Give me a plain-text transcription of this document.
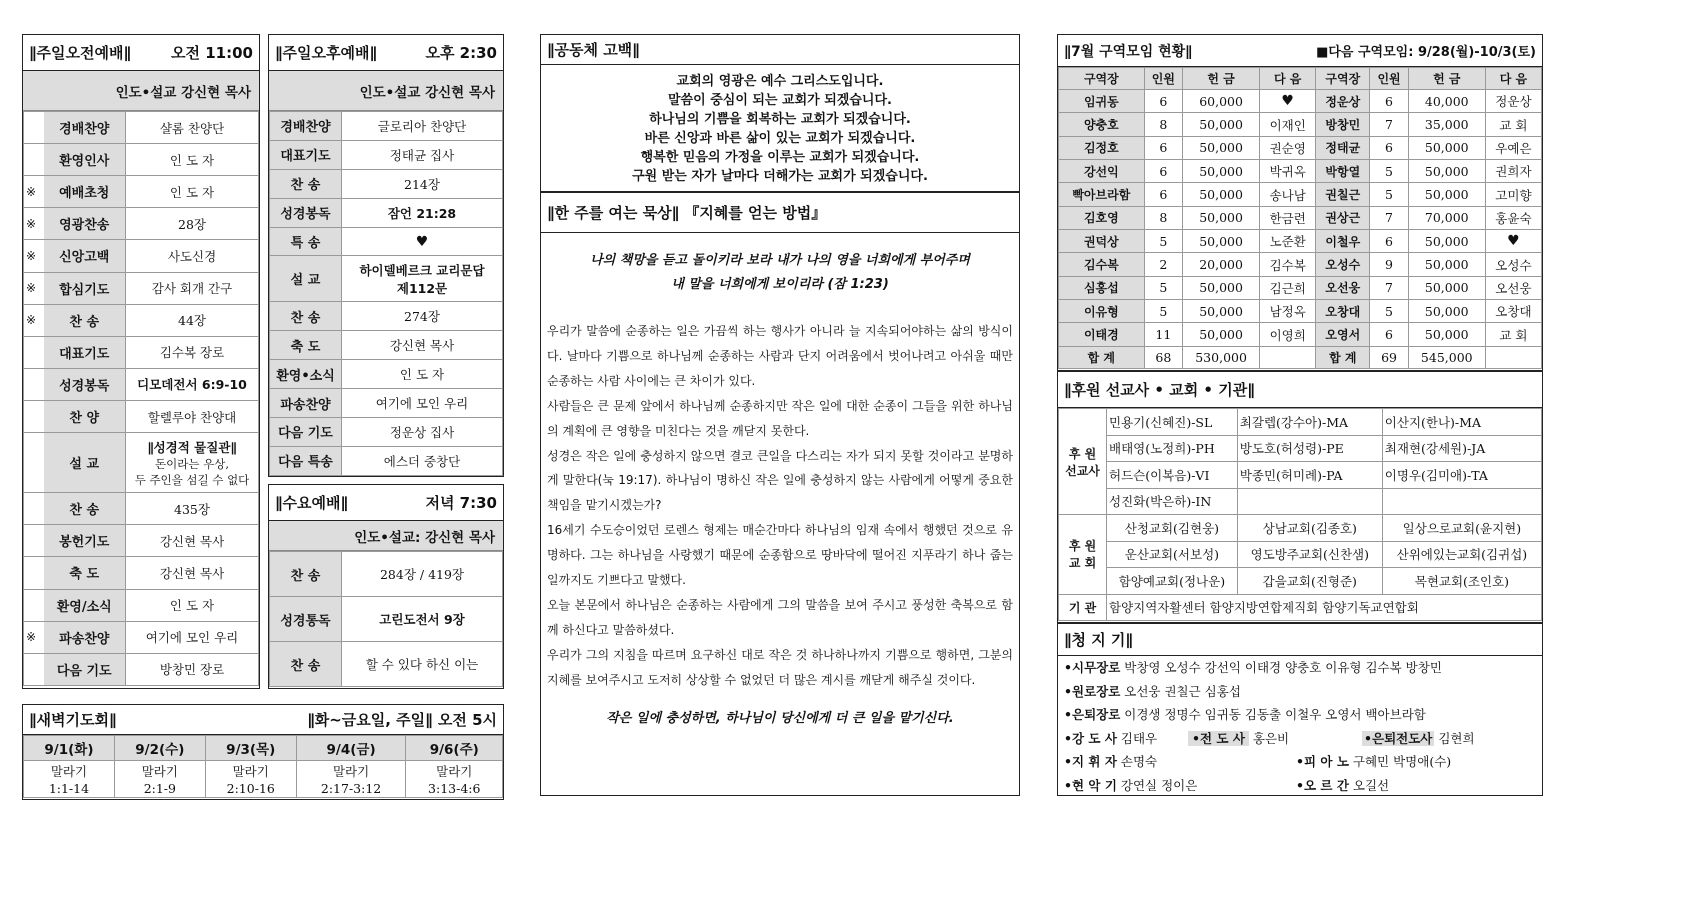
∥주일오전예배∥	오전 11:00
인도•설교 강신현 목사
	경배찬양	샬롬 찬양단
	환영인사	인 도 자
※	예배초청	인 도 자
※	영광찬송	28장
※	신앙고백	사도신경
※	합심기도	감사 회개 간구
※	찬 송	44장
	대표기도	김수복 장로
	성경봉독	디모데전서 6:9-10
	찬 양	할렐루야 찬양대
	설 교	∥성경적 물질관∥
돈이라는 우상,
두 주인을 섬길 수 없다

	찬 송	435장
	봉헌기도	강신현 목사
	축 도	강신현 목사
	환영/소식	인 도 자
※	파송찬양	여기에 모인 우리
	다음 기도	방창민 장로
∥주일오후예배∥	오후 2:30
인도•설교 강신현 목사
경배찬양	글로리아 찬양단
대표기도	정태균 집사
찬 송	214장
성경봉독	잠언 21:28
특 송	♥
설 교	하이델베르크 교리문답
제112문

찬 송	274장
축 도	강신현 목사
환영•소식	인 도 자
파송찬양	여기에 모인 우리
다음 기도	정운상 집사
다음 특송	에스더 중창단
∥수요예배∥	저녁 7:30
인도•설교: 강신현 목사
찬 송	284장 / 419장
성경통독	고린도전서 9장
찬 송	할 수 있다 하신 이는
∥새벽기도회∥	∥화~금요일, 주일∥ 오전 5시
9/1(화)	9/2(수)	9/3(목)	9/4(금)	9/6(주)
말라기	말라기	말라기	말라기	말라기
1:1-14	2:1-9	2:10-16	2:17-3:12	3:13-4:6
∥공동체 고백∥
교회의 영광은 예수 그리스도입니다.
말씀이 중심이 되는 교회가 되겠습니다.
하나님의 기쁨을 회복하는 교회가 되겠습니다.
바른 신앙과 바른 삶이 있는 교회가 되겠습니다.
행복한 믿음의 가정을 이루는 교회가 되겠습니다.
구원 받는 자가 날마다 더해가는 교회가 되겠습니다.
∥한 주를 여는 묵상∥ 『지혜를 얻는 방법』

나의 책망을 듣고 돌이키라 보라 내가 나의 영을 너희에게 부어주며

내 말을 너희에게 보이리라 (잠 1:23)

우리가 말씀에 순종하는 일은 가끔씩 하는 행사가 아니라 늘 지속되어야하는 삶의 방식이다. 날마다 기쁨으로 하나님께 순종하는 사람과 단지 어려움에서 벗어나려고 아쉬울 때만 순종하는 사람 사이에는 큰 차이가 있다.

사람들은 큰 문제 앞에서 하나님께 순종하지만 작은 일에 대한 순종이 그들을 위한 하나님의 계획에 큰 영향을 미친다는 것을 깨닫지 못한다.

성경은 작은 일에 충성하지 않으면 결코 큰일을 다스리는 자가 되지 못할 것이라고 분명하게 말한다(눅 19:17). 하나님이 명하신 작은 일에 충성하지 않는 사람에게 어떻게 중요한 책임을 맡기시겠는가?

16세기 수도승이었던 로렌스 형제는 매순간마다 하나님의 임재 속에서 행했던 것으로 유명하다. 그는 하나님을 사랑했기 때문에 순종함으로 땅바닥에 떨어진 지푸라기 하나 줍는 일까지도 기쁘다고 말했다.

오늘 본문에서 하나님은 순종하는 사람에게 그의 말씀을 보여 주시고 풍성한 축복으로 함께 하신다고 말씀하셨다.

우리가 그의 지침을 따르며 요구하신 대로 작은 것 하나하나까지 기쁨으로 행하면, 그분의 지혜를 보여주시고 도저히 상상할 수 없었던 더 많은 계시를 깨닫게 해주실 것이다.

작은 일에 충성하면, 하나님이 당신에게 더 큰 일을 맡기신다.
∥7월 구역모임 현황∥	■다음 구역모임: 9/28(월)-10/3(토)
구역장	인원	헌 금	다 음	구역장	인원	헌 금	다 음
임귀동	6	60,000	♥	정운상	6	40,000	정운상
양충호	8	50,000	이재인	방창민	7	35,000	교 회
김정호	6	50,000	권순영	정태균	6	50,000	우예은
강선익	6	50,000	박귀옥	박항열	5	50,000	권희자
빡아브라함	6	50,000	송나남	권칠근	5	50,000	고미향
김호영	8	50,000	한금련	권상근	7	70,000	홍윤숙
권덕상	5	50,000	노준환	이철우	6	50,000	♥
김수복	2	20,000	김수복	오성수	9	50,000	오성수
심홍섭	5	50,000	김근희	오선웅	7	50,000	오선웅
이유형	5	50,000	남정옥	오창대	5	50,000	오창대
이태경	11	50,000	이영희	오영서	6	50,000	교 회
합 계	68	530,000		합 계	69	545,000	
∥후원 선교사 • 교회 • 기관∥
후 원
선교사	민용기(신혜진)-SL	최갈렙(강수아)-MA	이산지(한나)-MA
	배태영(노정희)-PH	방도호(허성령)-PE	최재현(강세원)-JA
	허드슨(이복음)-VI	박종민(허미례)-PA	이명우(김미애)-TA
	성진화(박은하)-IN		

후 원
교 회	산청교회(김현웅)	상남교회(김종호)	일상으로교회(윤지현)
	운산교회(서보성)	영도방주교회(신찬샘)	산위에있는교회(김귀섭)
	함양예교회(정나운)	갑을교회(진형준)	목현교회(조인호)
기 관	함양지역자활센터 함양지방연합제직회 함양기독교연합회		
∥청 지 기∥
•시무장로 박창영 오성수 강선익 이태경 양충호 이유형 김수복 방창민
•원로장로 오선웅 권칠근 심홍섭
•은퇴장로 이경생 정명수 임귀동 김동출 이철우 오영서 백아브라함
•강 도 사 김태우	•전 도 사 홍은비	•은퇴전도사 김현희
•지 휘 자 손명숙	•피 아 노 구혜민 박명애(수)
•현 악 기 강연실 정이은	•오 르 간 오길선
